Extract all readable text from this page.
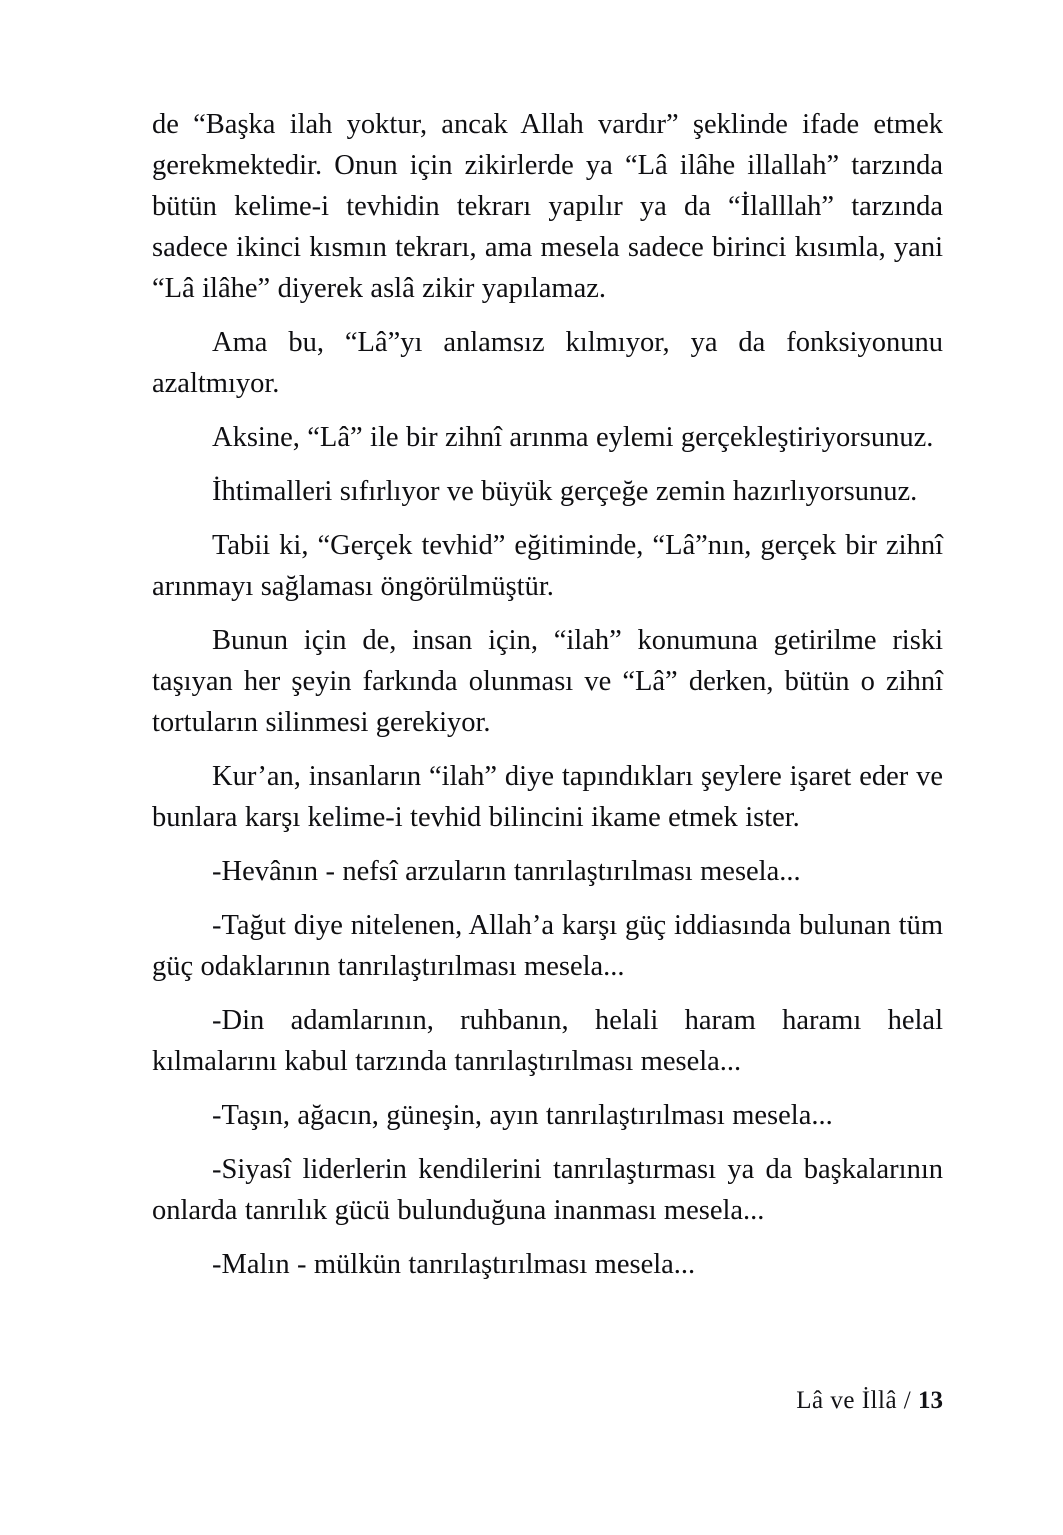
de “Başka ilah yoktur, ancak Allah vardır” şeklinde ifade etmek gerekmektedir. Onun için zikirlerde ya “Lâ ilâhe illallah” tarzında bütün kelime-i tevhidin tekrarı yapılır ya da “İlalllah” tarzında sadece ikinci kısmın tekrarı, ama mesela sadece birinci kısımla, yani “Lâ ilâhe” diyerek aslâ zikir yapılamaz.

Ama bu, “Lâ”yı anlamsız kılmıyor, ya da fonksiyonunu azaltmıyor.

Aksine, “Lâ” ile bir zihnî arınma eylemi gerçekleştiriyorsunuz.

İhtimalleri sıfırlıyor ve büyük gerçeğe zemin hazırlıyorsunuz.

Tabii ki, “Gerçek tevhid” eğitiminde, “Lâ”nın, gerçek bir zihnî arınmayı sağlaması öngörülmüştür.

Bunun için de, insan için, “ilah” konumuna getirilme riski taşıyan her şeyin farkında olunması ve “Lâ” derken, bütün o zihnî tortuların silinmesi gerekiyor.

Kur’an, insanların “ilah” diye tapındıkları şeylere işaret eder ve bunlara karşı kelime-i tevhid bilincini ikame etmek ister.

-Hevânın - nefsî arzuların tanrılaştırılması mesela...

-Tağut diye nitelenen, Allah’a karşı güç iddiasında bulunan tüm güç odaklarının tanrılaştırılması mesela...

-Din adamlarının, ruhbanın, helali haram haramı helal kılmalarını kabul tarzında tanrılaştırılması mesela...

-Taşın, ağacın, güneşin, ayın tanrılaştırılması mesela...

-Siyasî liderlerin kendilerini tanrılaştırması ya da başkalarının onlarda tanrılık gücü bulunduğuna inanması mesela...

-Malın - mülkün tanrılaştırılması mesela...

Lâ ve İllâ / 13
